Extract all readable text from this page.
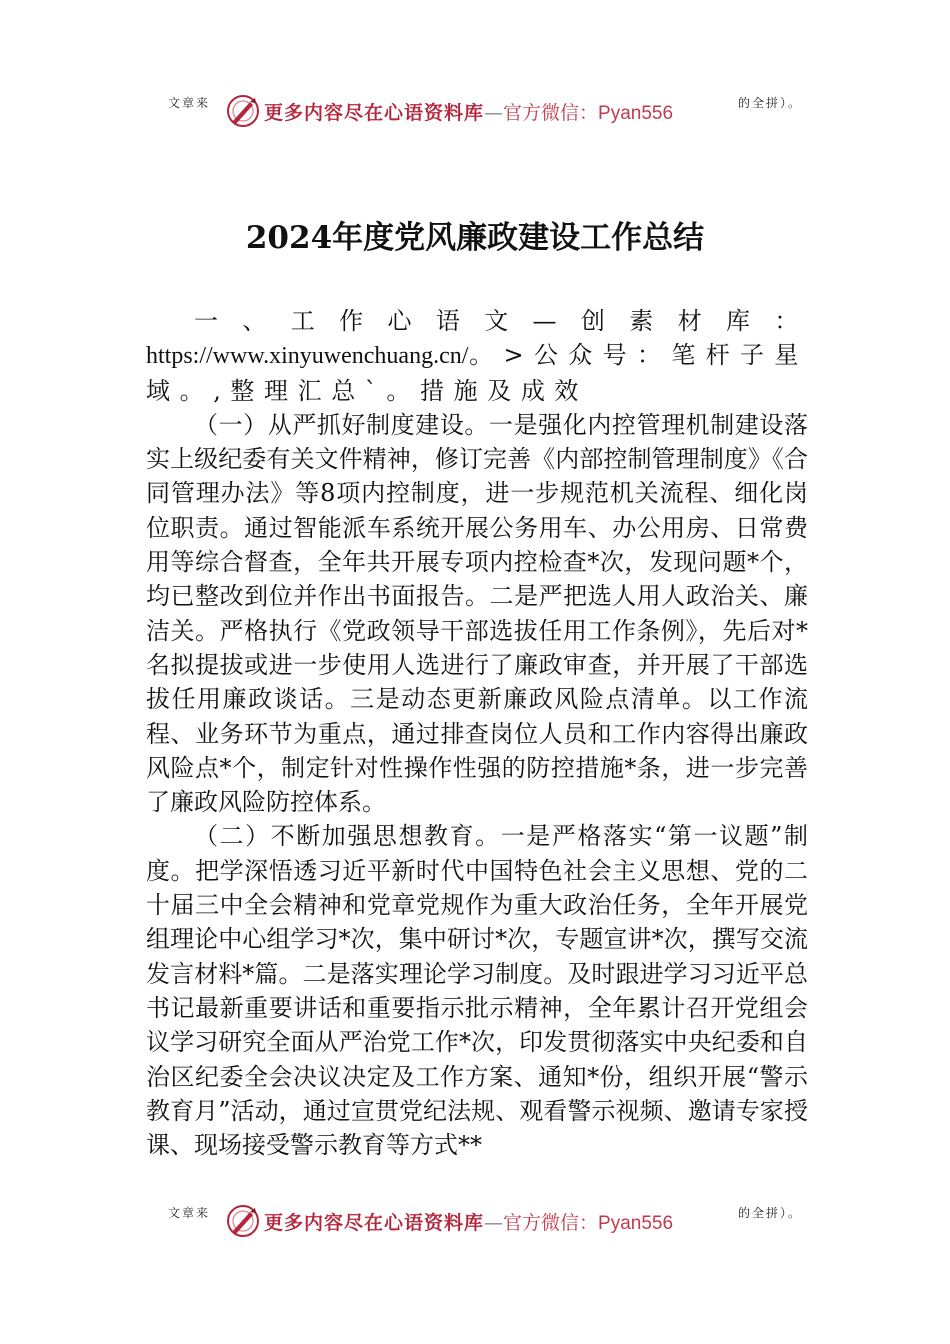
文章来	更多内容尽在心语资料库—官方微信：Pyan556	的全拼）。
2024年度党风廉政建设工作总结

一、工作心语文—创素材库：https://www.xinyuwenchuang.cn/。>公众号：笔杆子星域。,整理汇总`。措施及成效

（一）从严抓好制度建设。一是强化内控管理机制建设落实上级纪委有关文件精神，修订完善《内部控制管理制度》《合同管理办法》等8项内控制度，进一步规范机关流程、细化岗位职责。通过智能派车系统开展公务用车、办公用房、日常费用等综合督查，全年共开展专项内控检查*次，发现问题*个，均已整改到位并作出书面报告。二是严把选人用人政治关、廉洁关。严格执行《党政领导干部选拔任用工作条例》，先后对*名拟提拔或进一步使用人选进行了廉政审查，并开展了干部选拔任用廉政谈话。三是动态更新廉政风险点清单。以工作流程、业务环节为重点，通过排查岗位人员和工作内容得出廉政风险点*个，制定针对性操作性强的防控措施*条，进一步完善了廉政风险防控体系。

（二）不断加强思想教育。一是严格落实“第一议题”制度。把学深悟透习近平新时代中国特色社会主义思想、党的二十届三中全会精神和党章党规作为重大政治任务，全年开展党组理论中心组学习*次，集中研讨*次，专题宣讲*次，撰写交流发言材料*篇。二是落实理论学习制度。及时跟进学习习近平总书记最新重要讲话和重要指示批示精神，全年累计召开党组会议学习研究全面从严治党工作*次，印发贯彻落实中央纪委和自治区纪委全会决议决定及工作方案、通知*份，组织开展“警示教育月”活动，通过宣贯党纪法规、观看警示视频、邀请专家授课、现场接受警示教育等方式**

文章来	更多内容尽在心语资料库—官方微信：Pyan556	的全拼）。
